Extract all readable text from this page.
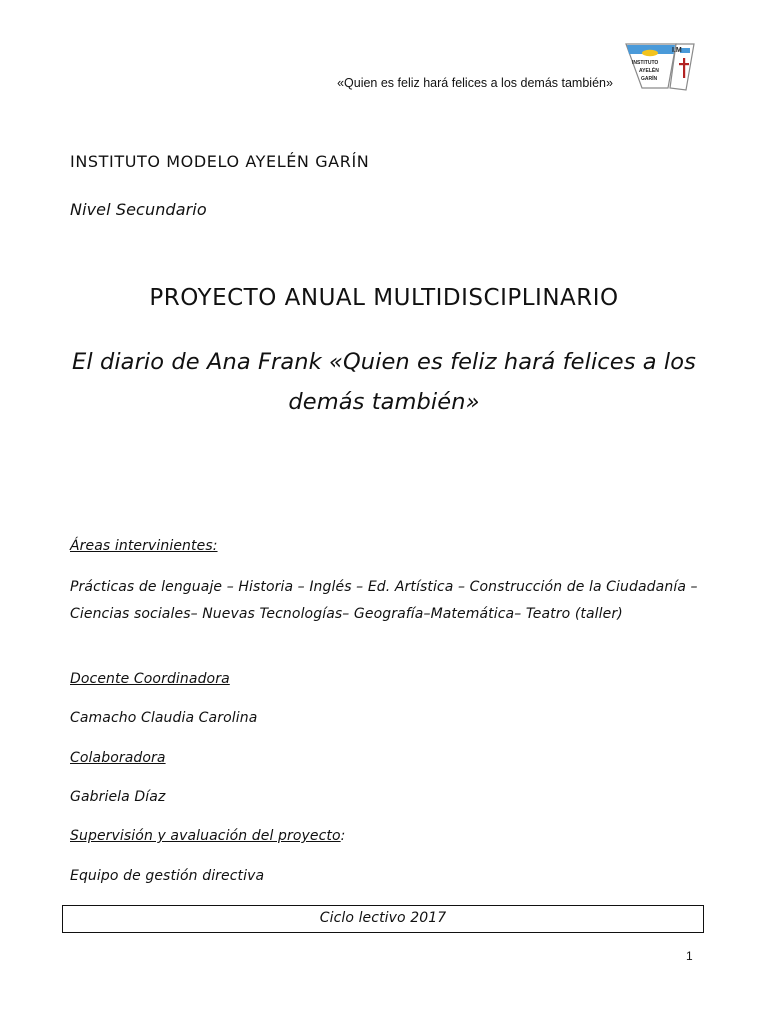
«Quien es feliz hará felices a los demás también»
INSTITUTO
AYELÉN
GARÍN
I.M
INSTITUTO MODELO AYELÉN GARÍN
Nivel Secundario
PROYECTO ANUAL MULTIDISCIPLINARIO
El diario de Ana Frank «Quien es feliz hará felices a los demás también»
Áreas intervinientes:
Prácticas de lenguaje – Historia – Inglés – Ed. Artística – Construcción de la Ciudadanía – Ciencias sociales– Nuevas Tecnologías– Geografía–Matemática– Teatro (taller)
Docente Coordinadora
Camacho Claudia Carolina
Colaboradora
Gabriela Díaz
Supervisión y avaluación del proyecto:
Equipo de gestión directiva
Ciclo lectivo 2017
1
